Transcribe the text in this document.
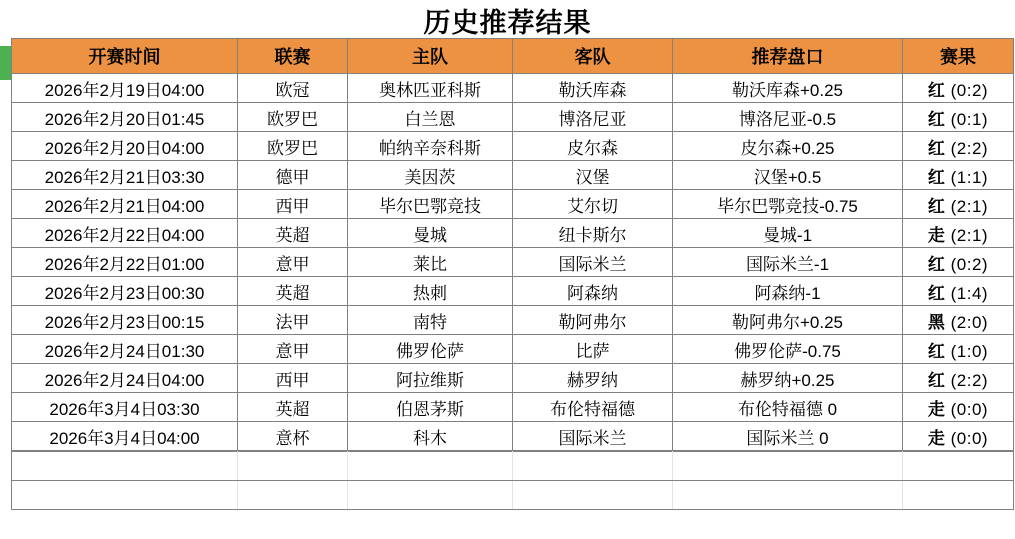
历史推荐结果
开赛时间	联赛	主队	客队	推荐盘口	赛果
2026年2月19日04:00	欧冠	奥林匹亚科斯	勒沃库森	勒沃库森+0.25	红 (0:2)
2026年2月20日01:45	欧罗巴	白兰恩	博洛尼亚	博洛尼亚-0.5	红 (0:1)
2026年2月20日04:00	欧罗巴	帕纳辛奈科斯	皮尔森	皮尔森+0.25	红 (2:2)
2026年2月21日03:30	德甲	美因茨	汉堡	汉堡+0.5	红 (1:1)
2026年2月21日04:00	西甲	毕尔巴鄂竞技	艾尔切	毕尔巴鄂竞技-0.75	红 (2:1)
2026年2月22日04:00	英超	曼城	纽卡斯尔	曼城-1	走 (2:1)
2026年2月22日01:00	意甲	莱比	国际米兰	国际米兰-1	红 (0:2)
2026年2月23日00:30	英超	热刺	阿森纳	阿森纳-1	红 (1:4)
2026年2月23日00:15	法甲	南特	勒阿弗尔	勒阿弗尔+0.25	黑 (2:0)
2026年2月24日01:30	意甲	佛罗伦萨	比萨	佛罗伦萨-0.75	红 (1:0)
2026年2月24日04:00	西甲	阿拉维斯	赫罗纳	赫罗纳+0.25	红 (2:2)
2026年3月4日03:30	英超	伯恩茅斯	布伦特福德	布伦特福德 0	走 (0:0)
2026年3月4日04:00	意杯	科木	国际米兰	国际米兰 0	走 (0:0)
